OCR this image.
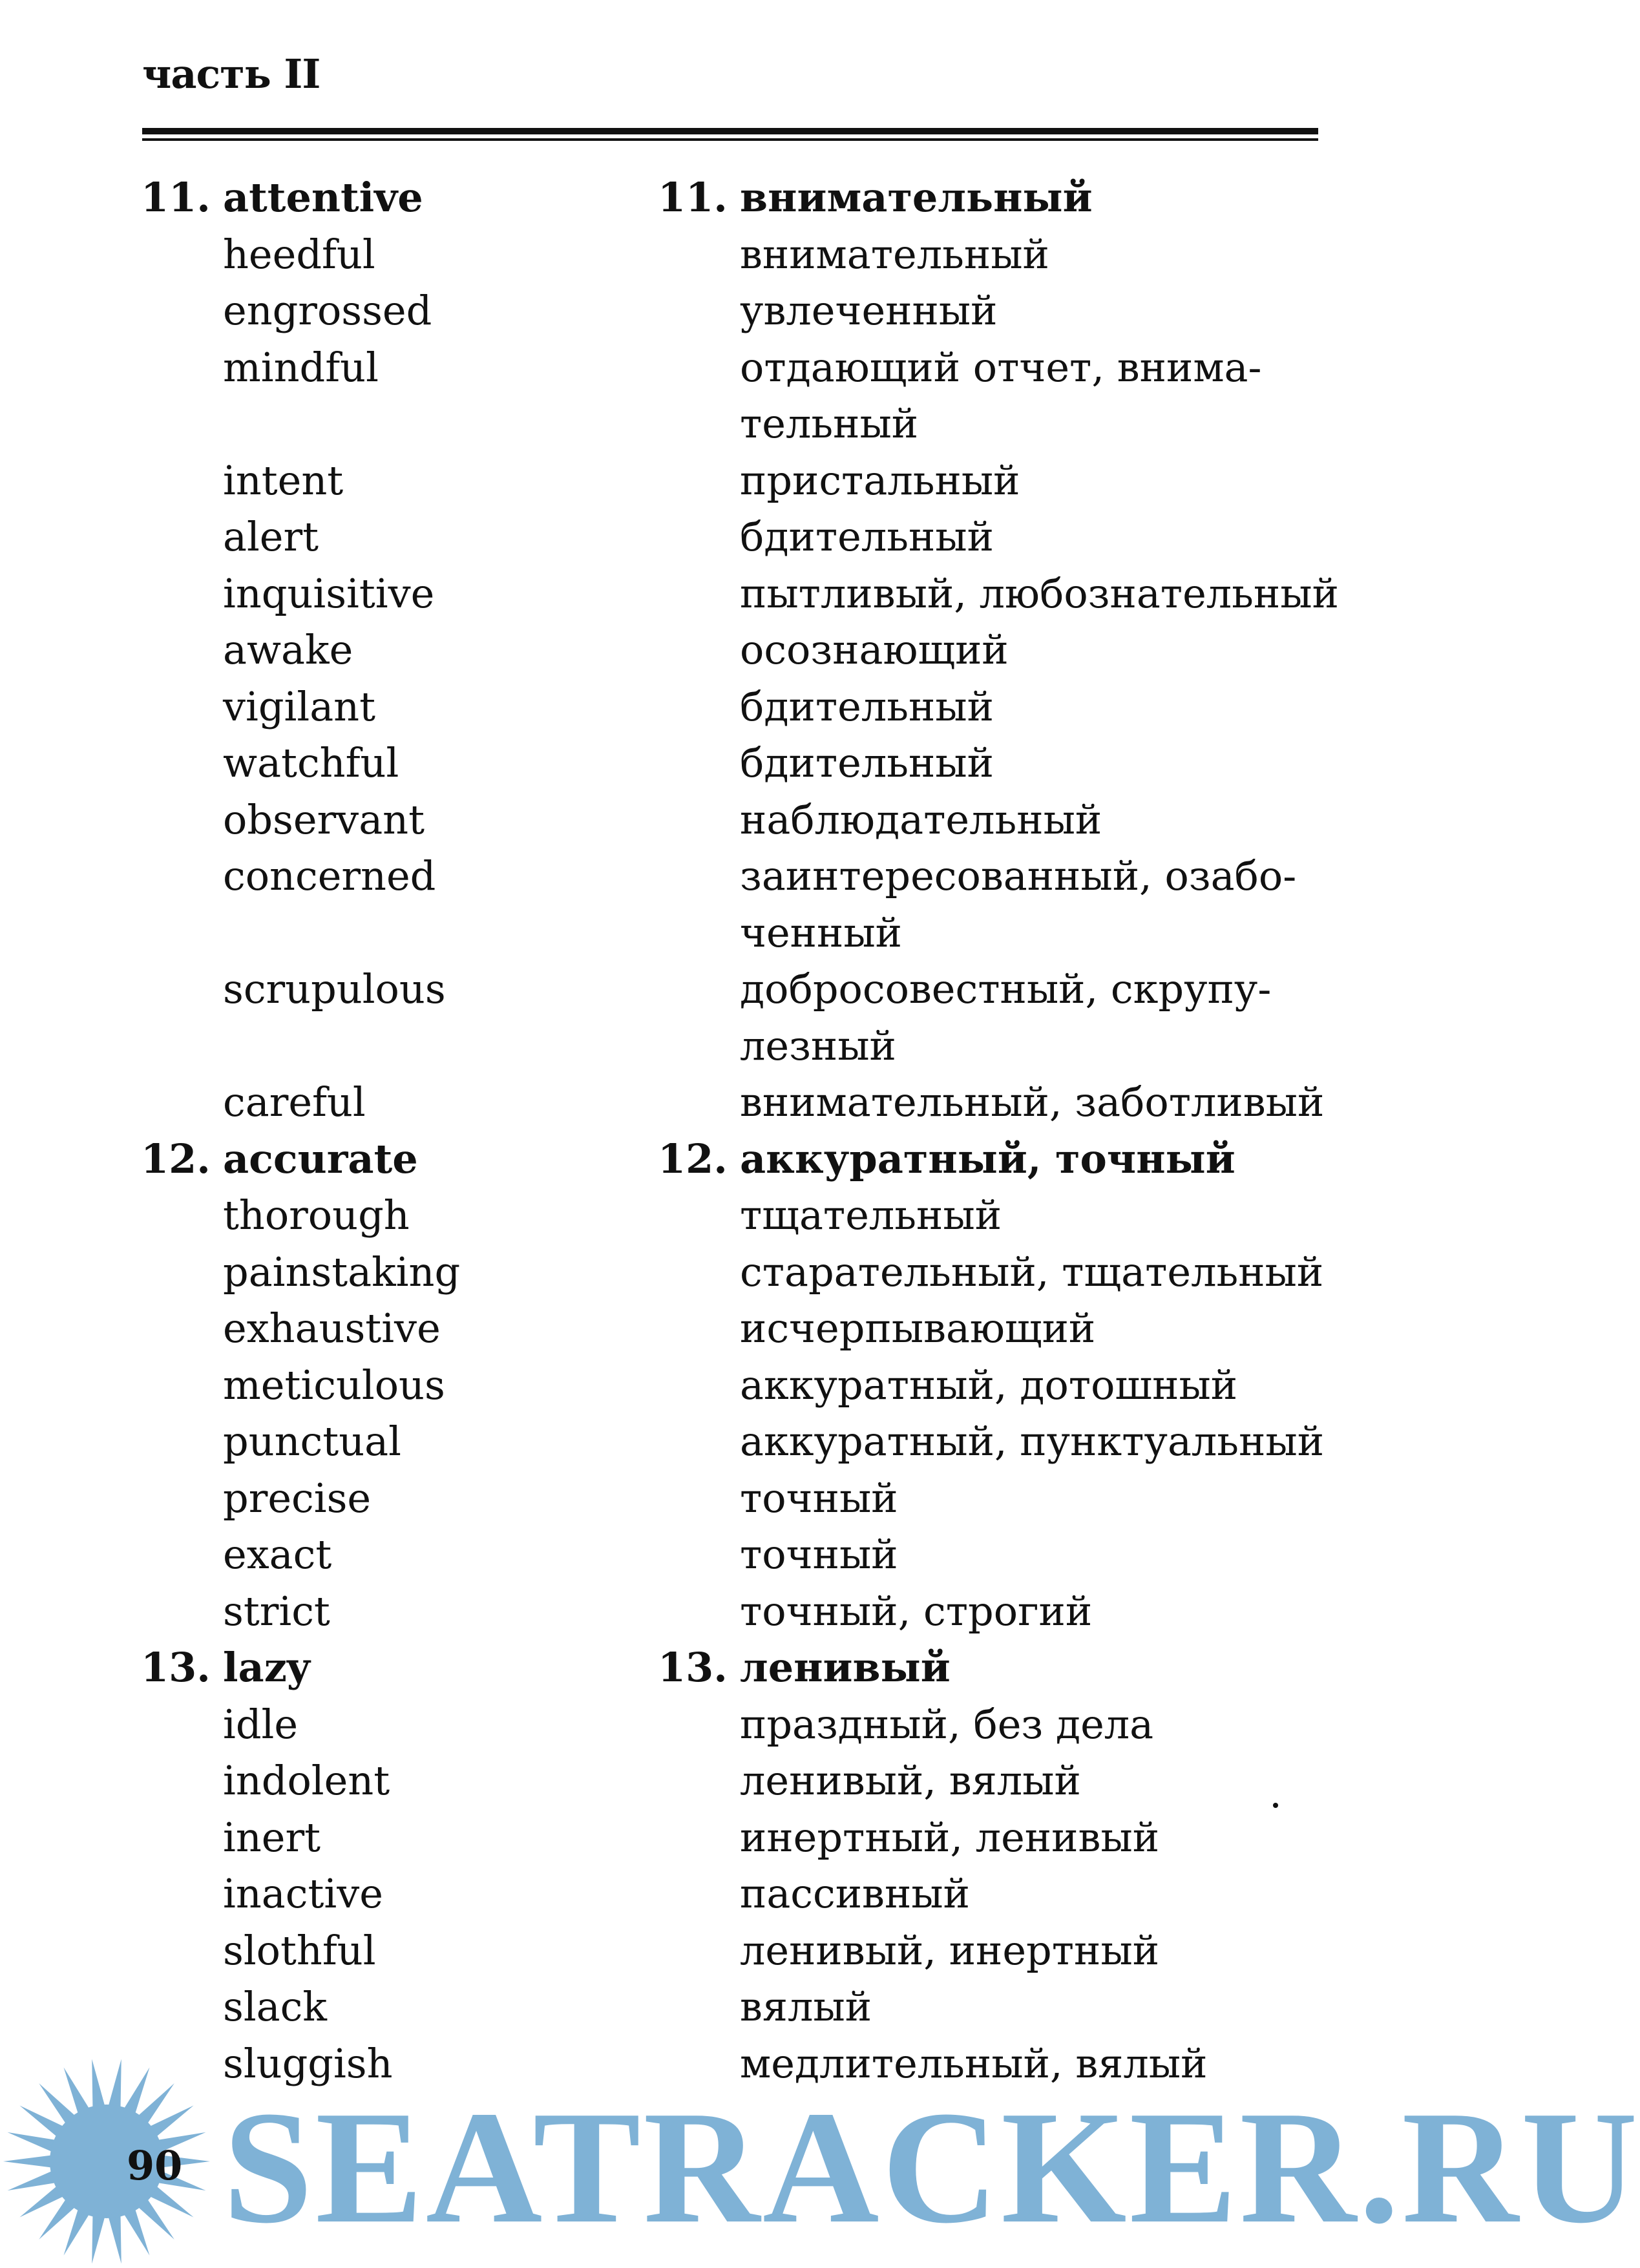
часть II
11. attentive	11. внимательный
heedful	внимательный
engrossed	увлеченный
mindful	отдающий отчет, внима-
тельный
intent	пристальный
alert	бдительный
inquisitive	пытливый, любознательный
awake	осознающий
vigilant	бдительный
watchful	бдительный
observant	наблюдательный
concerned	заинтересованный, озабо-
ченный
scrupulous	добросовестный, скрупу-
лезный
careful	внимательный, заботливый
12. accurate	12. аккуратный, точный
thorough	тщательный
painstaking	старательный, тщательный
exhaustive	исчерпывающий
meticulous	аккуратный, дотошный
punctual	аккуратный, пунктуальный
precise	точный
exact	точный
strict	точный, строгий
13. lazy	13. ленивый
idle	праздный, без дела
indolent	ленивый, вялый
inert	инертный, ленивый
inactive	пассивный
slothful	ленивый, инертный
slack	вялый
sluggish	медлительный, вялый
90 SEATRACKER.RU
